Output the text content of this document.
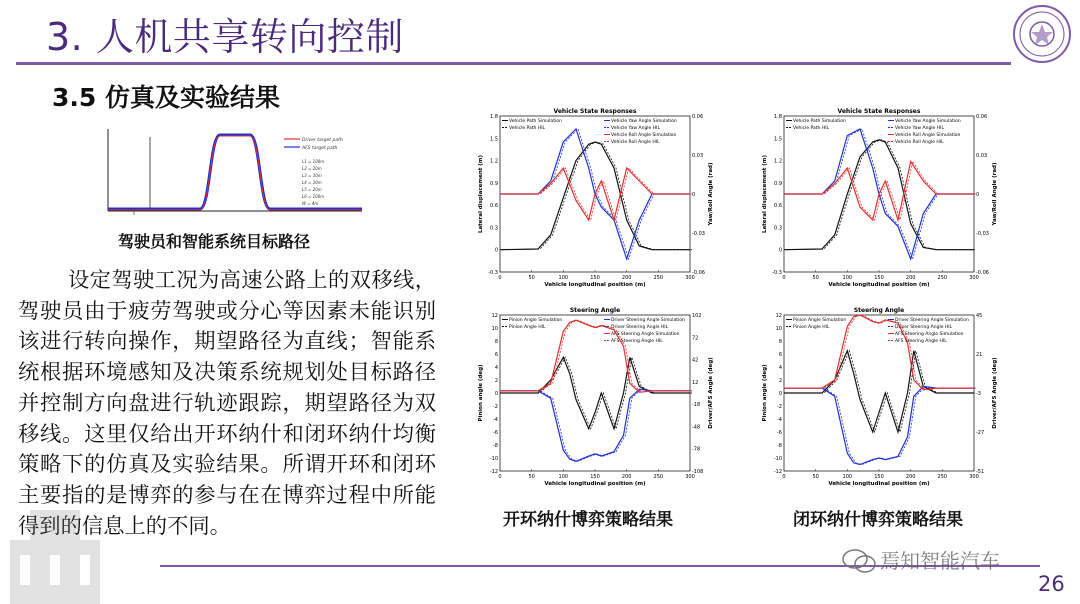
3. 人机共享转向控制
3.5 仿真及实验结果
Driver target path
AFS target path
L1 = 100m
L2 = 20m
L3 = 30m
L4 = 30m
L5 = 20m
L6 = 100m
W = 4m
驾驶员和智能系统目标路径
设定驾驶工况为高速公路上的双移线，驾驶员由于疲劳驾驶或分心等因素未能识别该进行转向操作，期望路径为直线；智能系统根据环境感知及决策系统规划处目标路径并控制方向盘进行轨迹跟踪，期望路径为双移线。这里仅给出开环纳什和闭环纳什均衡策略下的仿真及实验结果。所谓开环和闭环主要指的是博弈的参与在在博弈过程中所能得到的信息上的不同。
Vehicle State Responses
0	50	100	150	200	250	300
-0.3
0
0.3
0.6
0.9
1.2
1.5
1.8
-0.06
-0.03
0
0.03
0.06
Vehicle longitudinal position (m)
Lateral displacement (m)	Yaw/Roll Angle (rad)
Vehicle Path Simulation
Vehicle Path HIL
Vehicle Yaw Angle Simulation
Vehicle Yaw Angle HIL
Vehicle Roll Angle Simulation
Vehicle Roll Angle HIL
Vehicle State Responses
0	50	100	150	200	250	300
-0.3
0
0.3
0.6
0.9
1.2
1.5
1.8
-0.06
-0.03
0
0.03
0.06
Vehicle longitudinal position (m)
Lateral displacement (m)	Yaw/Roll Angle (rad)
Vehicle Path Simulation
Vehicle Path HIL
Vehicle Yaw Angle Simulation
Vehicle Yaw Angle HIL
Vehicle Roll Angle Simulation
Vehicle Roll Angle HIL
Steering Angle
0	50	100	150	200	250	300
-12
-10
-8
-6
-4
-2
0
2
4
6
8
10
12
-108
-78
-48
-18
12
42
72
102
Vehicle longitudinal position (m)
Pinion angle (deg)	Driver/AFS Angle (deg)
Pinion Angle Simulation
Pinion Angle HIL
Driver Steering Angle Simulation
Driver Steering Angle HIL
AFS Steering Angle Simulation
AFS Steering Angle HIL
Steering Angle
0	50	100	150	200	250	300
-12
-10
-8
-6
-4
-2
0
2
4
6
8
10
12
-51
-27
-3
21
45
Vehicle longitudinal position (m)
Pinion angle (deg)	Driver/AFS Angle (deg)
Pinion Angle Simulation
Pinion Angle HIL
Driver Steering Angle Simulation
Driver Steering Angle HIL
AFS Steering Angle Simulation
AFS Steering Angle HIL
开环纳什博弈策略结果	闭环纳什博弈策略结果
焉知智能汽车
26
